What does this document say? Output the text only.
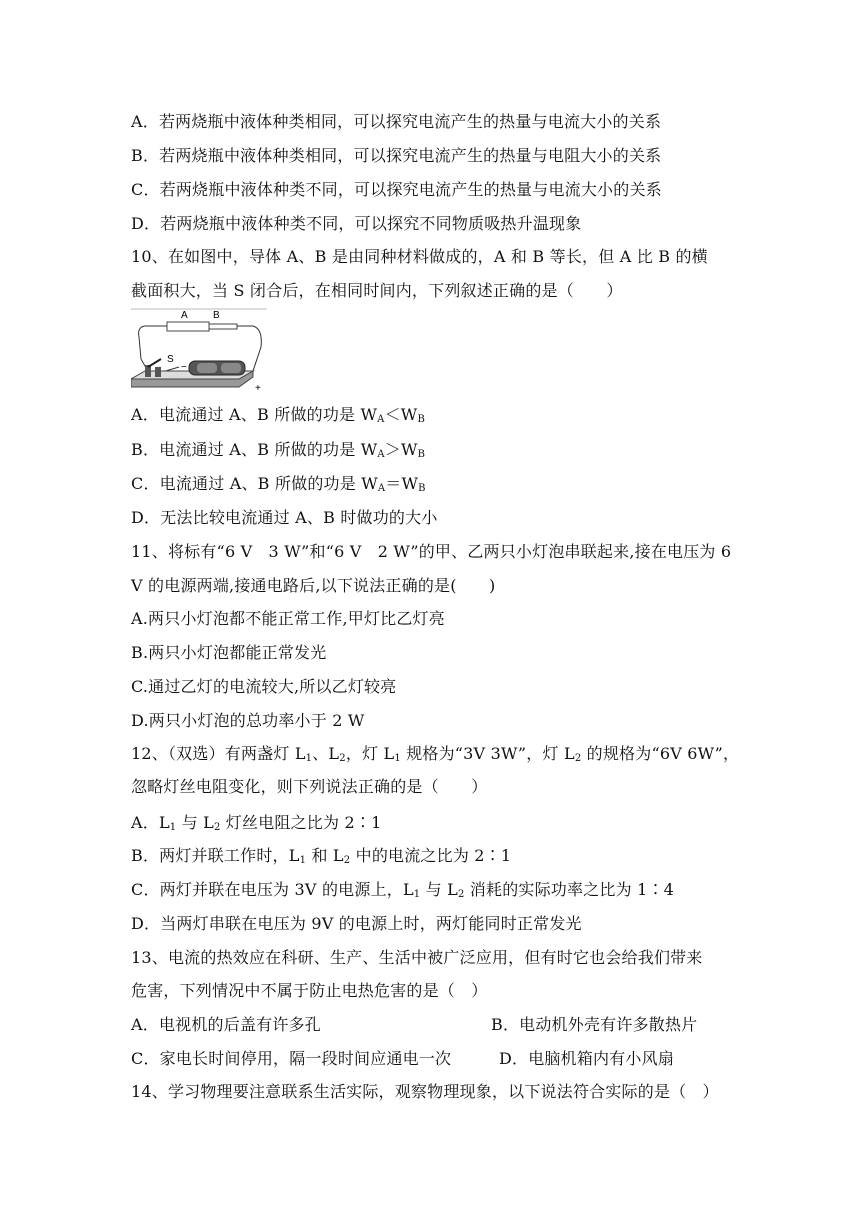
A．若两烧瓶中液体种类相同，可以探究电流产生的热量与电流大小的关系
B．若两烧瓶中液体种类相同，可以探究电流产生的热量与电阻大小的关系
C．若两烧瓶中液体种类不同，可以探究电流产生的热量与电流大小的关系
D．若两烧瓶中液体种类不同，可以探究不同物质吸热升温现象
10、在如图中，导体 A、B 是由同种材料做成的，A 和 B 等长，但 A 比 B 的横
截面积大，当 S 闭合后，在相同时间内，下列叙述正确的是（　　）
A	B
S
−
+
A．电流通过 A、B 所做的功是 $W_A<W_B$
B．电流通过 A、B 所做的功是 $W_A>W_B$
C．电流通过 A、B 所做的功是 $W_A=W_B$
D．无法比较电流通过 A、B 时做功的大小
11、将标有“6 V　3 W”和“6 V　2 W”的甲、乙两只小灯泡串联起来,接在电压为 6
V 的电源两端,接通电路后,以下说法正确的是(　　)
A.两只小灯泡都不能正常工作,甲灯比乙灯亮
B.两只小灯泡都能正常发光
C.通过乙灯的电流较大,所以乙灯较亮
D.两只小灯泡的总功率小于 2 W
12、（双选）有两盏灯 $L_1$、$L_2$，灯 $L_1$ 规格为“3V 3W”，灯 $L_2$ 的规格为“6V 6W”，
忽略灯丝电阻变化，则下列说法正确的是（　　）
A．$L_1$ 与 $L_2$ 灯丝电阻之比为 2∶1
B．两灯并联工作时，$L_1$ 和 $L_2$ 中的电流之比为 2∶1
C．两灯并联在电压为 3V 的电源上，$L_1$ 与 $L_2$ 消耗的实际功率之比为 1∶4
D．当两灯串联在电压为 9V 的电源上时，两灯能同时正常发光
13、电流的热效应在科研、生产、生活中被广泛应用，但有时它也会给我们带来
危害，下列情况中不属于防止电热危害的是（　）
A．电视机的后盖有许多孔	B．电动机外壳有许多散热片
C．家电长时间停用，隔一段时间应通电一次	D．电脑机箱内有小风扇
14、学习物理要注意联系生活实际，观察物理现象，以下说法符合实际的是（　）
